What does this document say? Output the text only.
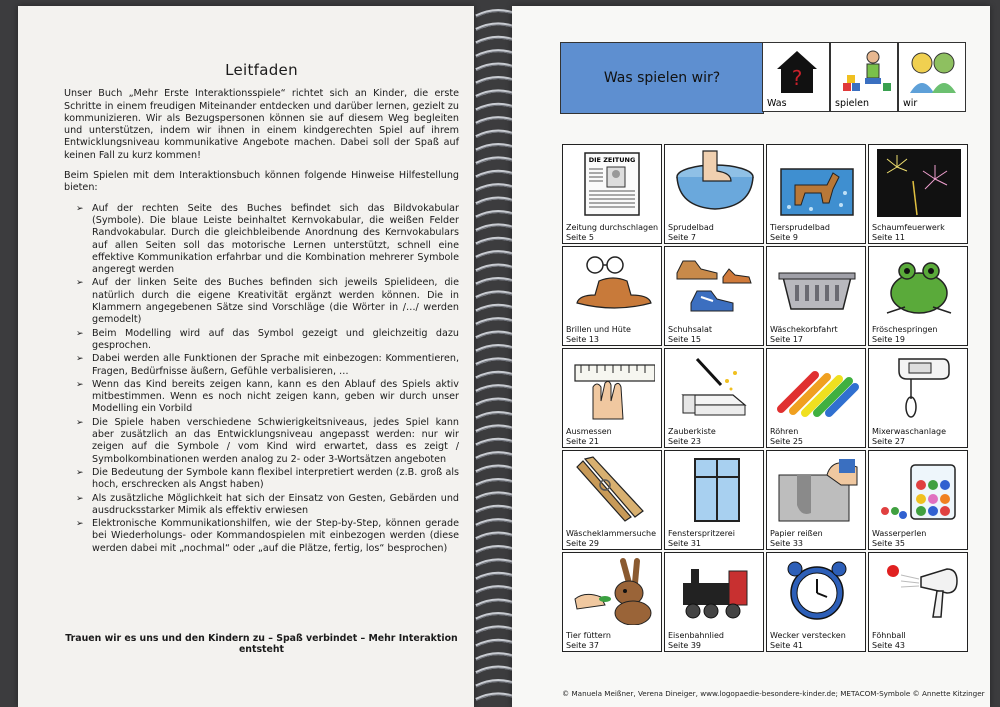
Leitfaden

Unser Buch „Mehr Erste Interaktionsspiele“ richtet sich an Kinder, die erste Schritte in einem freudigen Miteinander entdecken und darüber lernen, gezielt zu kommunizieren. Wir als Bezugspersonen können sie auf diesem Weg begleiten und unterstützen, indem wir ihnen in einem kindgerechten Spiel auf ihrem Entwicklungsniveau kommunikative Angebote machen. Dabei soll der Spaß auf keinen Fall zu kurz kommen!

Beim Spielen mit dem Interaktionsbuch können folgende Hinweise Hilfestellung bieten:

➢ Auf der rechten Seite des Buches befindet sich das Bildvokabular (Symbole). Die blaue Leiste beinhaltet Kernvokabular, die weißen Felder Randvokabular. Durch die gleichbleibende Anordnung des Kernvokabulars auf allen Seiten soll das motorische Lernen unterstützt, schnell eine effektive Kommunikation erfahrbar und die Kombination mehrerer Symbole angeregt werden
➢ Auf der linken Seite des Buches befinden sich jeweils Spielideen, die natürlich durch die eigene Kreativität ergänzt werden können. Die in Klammern angegebenen Sätze sind Vorschläge (die Wörter in /…/ werden gemodelt)
➢ Beim Modelling wird auf das Symbol gezeigt und gleichzeitig dazu gesprochen.
➢ Dabei werden alle Funktionen der Sprache mit einbezogen: Kommentieren, Fragen, Bedürfnisse äußern, Gefühle verbalisieren, …
➢ Wenn das Kind bereits zeigen kann, kann es den Ablauf des Spiels aktiv mitbestimmen. Wenn es noch nicht zeigen kann, geben wir durch unser Modelling ein Vorbild
➢ Die Spiele haben verschiedene Schwierigkeitsniveaus, jedes Spiel kann aber zusätzlich an das Entwicklungsniveau angepasst werden: nur wir zeigen auf die Symbole / vom Kind wird erwartet, dass es zeigt / Symbolkombinationen werden analog zu 2- oder 3-Wortsätzen angeboten
➢ Die Bedeutung der Symbole kann flexibel interpretiert werden (z.B. groß als hoch, erschrecken als Angst haben)
➢ Als zusätzliche Möglichkeit hat sich der Einsatz von Gesten, Gebärden und ausdrucksstarker Mimik als effektiv erwiesen
➢ Elektronische Kommunikationshilfen, wie der Step-by-Step, können gerade bei Wiederholungs- oder Kommandospielen mit einbezogen werden (diese werden dabei mit „nochmal“ oder „auf die Plätze, fertig, los“ besprochen)
Trauen wir es uns und den Kindern zu – Spaß verbindet – Mehr Interaktion entsteht
Was spielen wir?	?
Was	spielen	wir
DIE ZEITUNG
Zeitung durchschlagen
Seite 5
Sprudelbad
Seite 7
Tiersprudelbad
Seite 9
Schaumfeuerwerk
Seite 11
Brillen und Hüte
Seite 13
Schuhsalat
Seite 15
Wäschekorbfahrt
Seite 17
Fröschespringen
Seite 19
Ausmessen
Seite 21
Zauberkiste
Seite 23
Röhren
Seite 25
Mixerwaschanlage
Seite 27
Wäscheklammersuche
Seite 29
Fensterspritzerei
Seite 31
Papier reißen
Seite 33
Wasserperlen
Seite 35
Tier füttern
Seite 37
Eisenbahnlied
Seite 39
Wecker verstecken
Seite 41
Föhnball
Seite 43
© Manuela Meißner, Verena Dineiger, www.logopaedie-besondere-kinder.de; METACOM-Symbole © Annette Kitzinger
